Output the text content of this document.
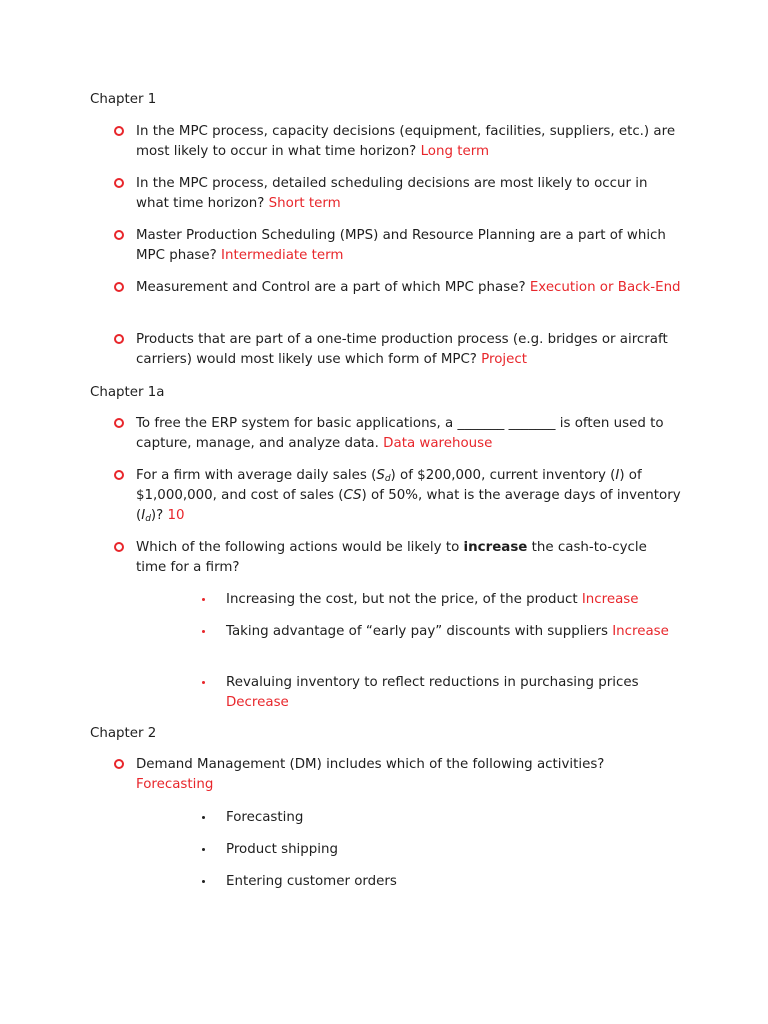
Chapter 1
In the MPC process, capacity decisions (equipment, facilities, suppliers, etc.) are most likely to occur in what time horizon? Long term
In the MPC process, detailed scheduling decisions are most likely to occur in what time horizon? Short term
Master Production Scheduling (MPS) and Resource Planning are a part of which MPC phase? Intermediate term
Measurement and Control are a part of which MPC phase? Execution or Back-End
Products that are part of a one-time production process (e.g. bridges or aircraft carriers) would most likely use which form of MPC? Project
Chapter 1a
To free the ERP system for basic applications, a _______ _______ is often used to capture, manage, and analyze data. Data warehouse
For a firm with average daily sales $(S_d)$ of $200,000, current inventory (I) of $1,000,000, and cost of sales (CS) of 50%, what is the average days of inventory $(I_d)$? 10
Which of the following actions would be likely to increase the cash-to-cycle time for a firm?
Increasing the cost, but not the price, of the product Increase
Taking advantage of “early pay” discounts with suppliers Increase
Revaluing inventory to reflect reductions in purchasing prices Decrease
Chapter 2
Demand Management (DM) includes which of the following activities? Forecasting
Forecasting
Product shipping
Entering customer orders
